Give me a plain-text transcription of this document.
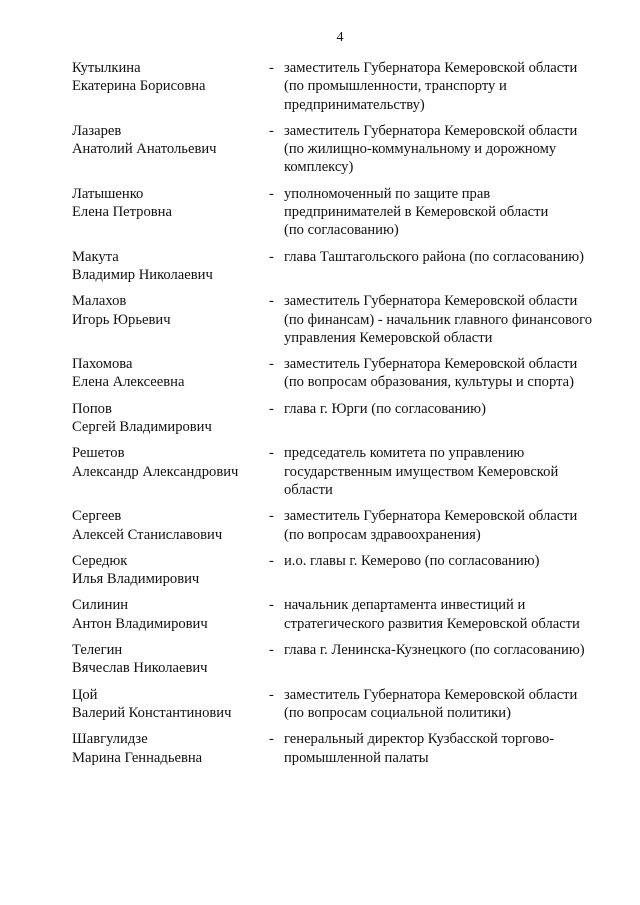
4
Кутылкина
Екатерина Борисовна
- заместитель Губернатора Кемеровской области
(по промышленности, транспорту и
предпринимательству)
Лазарев
Анатолий Анатольевич
- заместитель Губернатора Кемеровской области
(по жилищно-коммунальному и дорожному
комплексу)
Латышенко
Елена Петровна
- уполномоченный по защите прав
предпринимателей в Кемеровской области
(по согласованию)
Макута
Владимир Николаевич
- глава Таштагольского района (по согласованию)
Малахов
Игорь Юрьевич
- заместитель Губернатора Кемеровской области
(по финансам) - начальник главного финансового
управления Кемеровской области
Пахомова
Елена Алексеевна
- заместитель Губернатора Кемеровской области
(по вопросам образования, культуры и спорта)
Попов
Сергей Владимирович
- глава г. Юрги (по согласованию)
Решетов
Александр Александрович
- председатель комитета по управлению
государственным имуществом Кемеровской
области
Сергеев
Алексей Станиславович
- заместитель Губернатора Кемеровской области
(по вопросам здравоохранения)
Середюк
Илья Владимирович
- и.о. главы г. Кемерово (по согласованию)
Силинин
Антон Владимирович
- начальник департамента инвестиций и
стратегического развития Кемеровской области
Телегин
Вячеслав Николаевич
- глава г. Ленинска-Кузнецкого (по согласованию)
Цой
Валерий Константинович
- заместитель Губернатора Кемеровской области
(по вопросам социальной политики)
Шавгулидзе
Марина Геннадьевна
- генеральный директор Кузбасской торгово-
промышленной палаты
